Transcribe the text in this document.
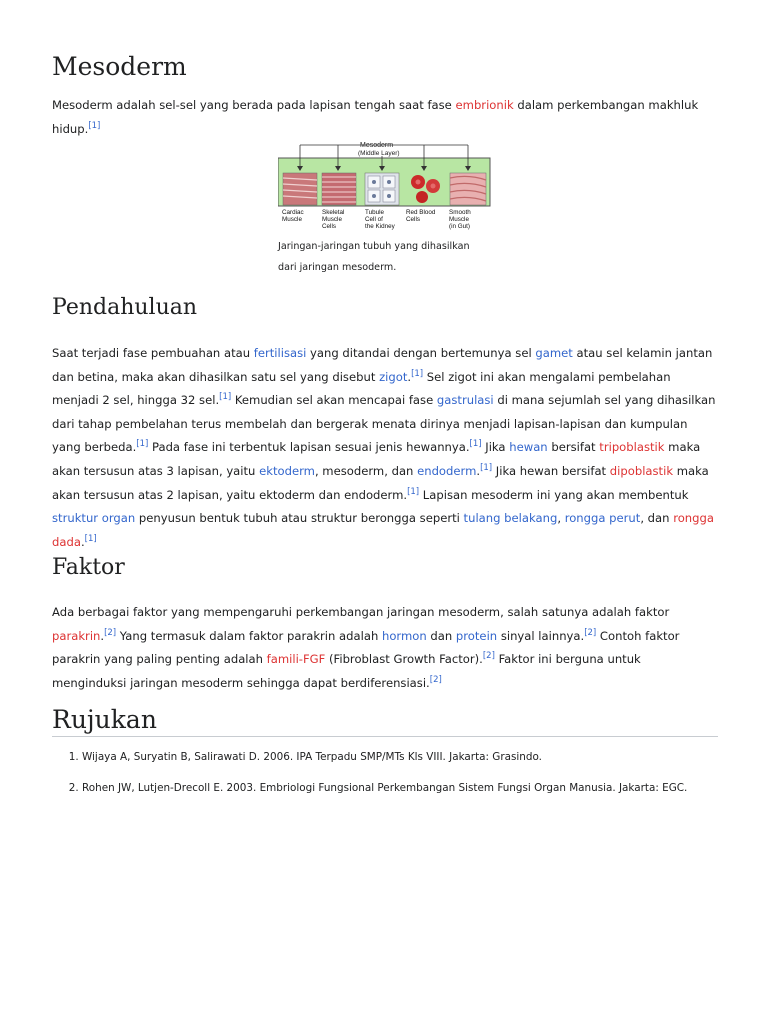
Mesoderm

Mesoderm adalah sel-sel yang berada pada lapisan tengah saat fase embrionik dalam perkembangan makhluk hidup.[1]

Mesoderm
(Middle Layer)
Cardiac
Muscle
Skeletal
Muscle
Cells
Tubule
Cell of
the Kidney
Red Blood
Cells
Smooth
Muscle
(in Gut)
Jaringan-jaringan tubuh yang dihasilkan dari jaringan mesoderm.
Pendahuluan

Saat terjadi fase pembuahan atau fertilisasi yang ditandai dengan bertemunya sel gamet atau sel kelamin jantan dan betina, maka akan dihasilkan satu sel yang disebut zigot.[1] Sel zigot ini akan mengalami pembelahan menjadi 2 sel, hingga 32 sel.[1] Kemudian sel akan mencapai fase gastrulasi di mana sejumlah sel yang dihasilkan dari tahap pembelahan terus membelah dan bergerak menata dirinya menjadi lapisan-lapisan dan kumpulan yang berbeda.[1] Pada fase ini terbentuk lapisan sesuai jenis hewannya.[1] Jika hewan bersifat tripoblastik maka akan tersusun atas 3 lapisan, yaitu ektoderm, mesoderm, dan endoderm.[1] Jika hewan bersifat dipoblastik maka akan tersusun atas 2 lapisan, yaitu ektoderm dan endoderm.[1] Lapisan mesoderm ini yang akan membentuk struktur organ penyusun bentuk tubuh atau struktur berongga seperti tulang belakang, rongga perut, dan rongga dada.[1]

Faktor

Ada berbagai faktor yang mempengaruhi perkembangan jaringan mesoderm, salah satunya adalah faktor parakrin.[2] Yang termasuk dalam faktor parakrin adalah hormon dan protein sinyal lainnya.[2] Contoh faktor parakrin yang paling penting adalah famili-FGF (Fibroblast Growth Factor).[2] Faktor ini berguna untuk menginduksi jaringan mesoderm sehingga dapat berdiferensiasi.[2]

Rujukan
1. Wijaya A, Suryatin B, Salirawati D. 2006. IPA Terpadu SMP/MTs Kls VIII. Jakarta: Grasindo.
2. Rohen JW, Lutjen-Drecoll E. 2003. Embriologi Fungsional Perkembangan Sistem Fungsi Organ Manusia. Jakarta: EGC.
